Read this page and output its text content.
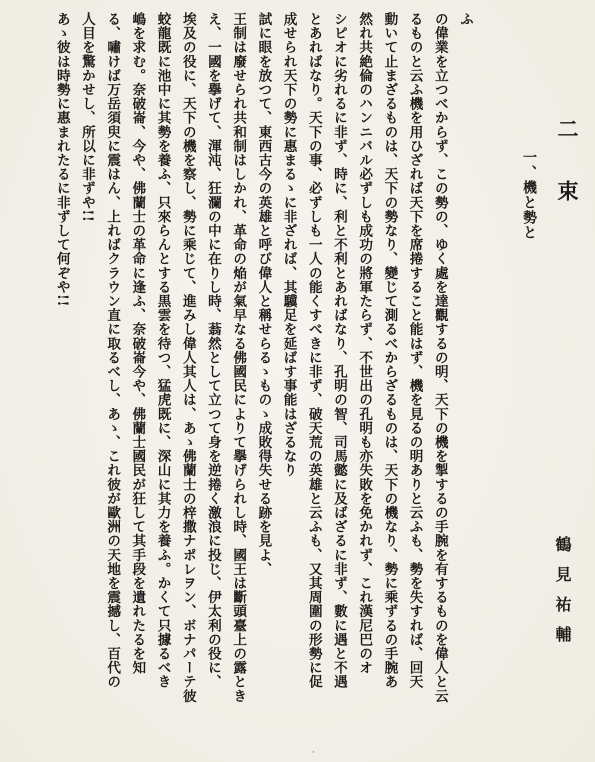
二　束
鶴見祐輔
一、機と勢と
ふ
の偉業を立つべからず、この勢の、ゆく處を達觀するの明、天下の機を掣するの手腕を有するものを偉人と云
るものと云ふ機を用ひざれば天下を席捲すること能はず、機を見るの明ありと云ふも、勢を失すれば、回天
動いて止まざるものは、天下の勢なり、變じて測るべからざるものは、天下の機なり、勢に乘ずるの手腕あ
然れ共絶倫のハンニバル必ずしも成功の將軍たらず、不世出の孔明も亦失敗を免かれず、これ漢尼巴のオ
シピオに劣れるに非ず、時に、利と不利とあればなり、孔明の智、司馬懿に及ばざるに非ず、數に遇と不遇
とあればなり。天下の事、必ずしも一人の能くすべきに非ず、破天荒の英雄と云ふも、又其周圍の形勢に促
成せられ天下の勢に惠まるゝに非ざれば、其驥足を延ばす事能はざるなり
試に眼を放つて、東西古今の英雄と呼び偉人と稱せらるゝものゝ成敗得失せる跡を見よ、
王制は廢せられ共和制はしかれ、革命の焔が氣早なる佛國民によりて擧げられし時、國王は斷頭臺上の露とき
え、一國を擧げて、渾沌、狂瀾の中に在りし時、蓊然として立つて身を逆捲く激浪に投じ、伊太利の役に、
埃及の役に、天下の機を察し、勢に乘じて、進みし偉人其人は、あゝ佛蘭士の梓撒ナポレヲン、ボナパーテ彼
蛟龍既に池中に其勢を養ふ、只來らんとする黒雲を待つ、猛虎既に、深山に其力を養ふ。かくて只據るべき
嶋を求む。奈破崙、今や、佛蘭士の革命に逢ふ、奈破崙今や、佛蘭士國民が狂して其手段を遺れたるを知
る、嘯けば万岳須臾に震はん、上ればクラウン直に取るべし、あゝ、これ彼が歐洲の天地を震撼し、百代の
人目を驚かせし、所以に非ずや!!
あゝ彼は時勢に惠まれたるに非ずして何ぞや!!
·
